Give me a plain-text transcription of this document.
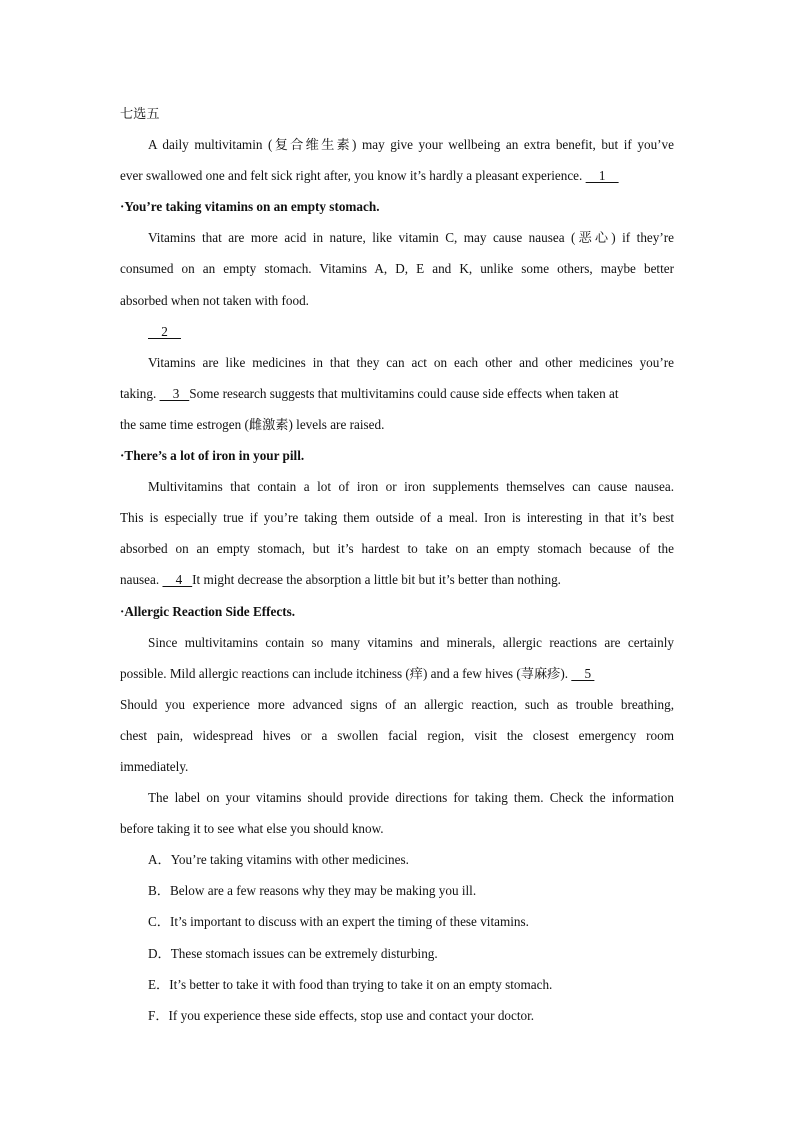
七选五
A daily multivitamin (复合维生素) may give your wellbeing an extra benefit, but if you’ve
ever swallowed one and felt sick right after, you know it’s hardly a pleasant experience.     1
·You’re taking vitamins on an empty stomach.
Vitamins that are more acid in nature, like vitamin C, may cause nausea (恶心) if they’re
consumed on an empty stomach. Vitamins A, D, E and K, unlike some others, maybe better
absorbed when not taken with food.
2
Vitamins are like medicines in that they can act on each other and other medicines you’re
taking.     3   Some research suggests that multivitamins could cause side effects when taken at
the same time estrogen (雌激素) levels are raised.
·There’s a lot of iron in your pill.
Multivitamins that contain a lot of iron or iron supplements themselves can cause nausea.
This is especially true if you’re taking them outside of a meal. Iron is interesting in that it’s best
absorbed on an empty stomach, but it’s hardest to take on an empty stomach because of the
nausea.     4   It might decrease the absorption a little bit but it’s better than nothing.
·Allergic Reaction Side Effects.
Since multivitamins contain so many vitamins and minerals, allergic reactions are certainly
possible. Mild allergic reactions can include itchiness (痒) and a few hives (荨麻疹).     5
Should you experience more advanced signs of an allergic reaction, such as trouble breathing,
chest pain, widespread hives or a swollen facial region, visit the closest emergency room
immediately.
The label on your vitamins should provide directions for taking them. Check the information
before taking it to see what else you should know.
A．You’re taking vitamins with other medicines.
B．Below are a few reasons why they may be making you ill.
C．It’s important to discuss with an expert the timing of these vitamins.
D．These stomach issues can be extremely disturbing.
E．It’s better to take it with food than trying to take it on an empty stomach.
F．If you experience these side effects, stop use and contact your doctor.
